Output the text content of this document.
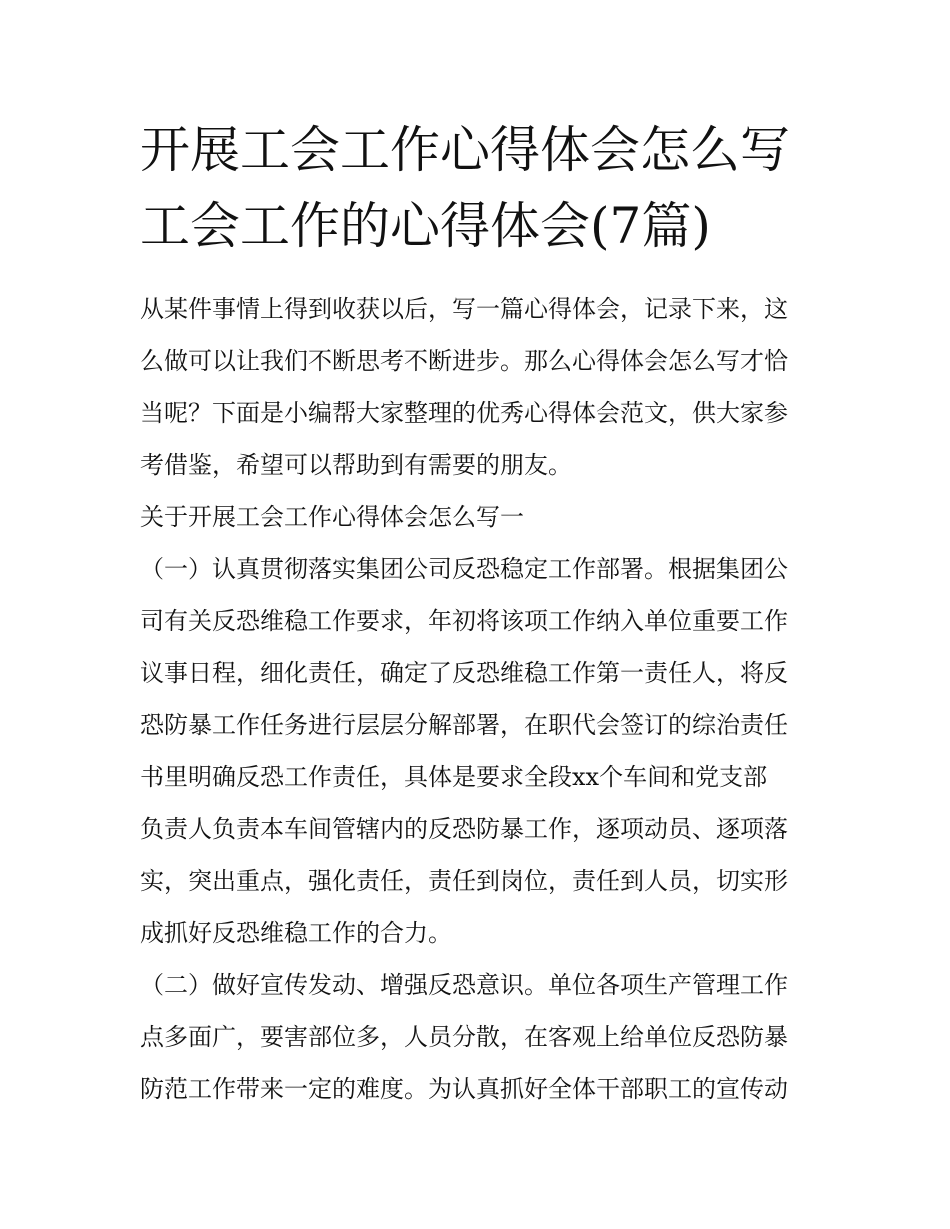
开展工会工作心得体会怎么写
工会工作的心得体会(7篇)
从某件事情上得到收获以后，写一篇心得体会，记录下来，这
么做可以让我们不断思考不断进步。那么心得体会怎么写才恰
当呢？下面是小编帮大家整理的优秀心得体会范文，供大家参
考借鉴，希望可以帮助到有需要的朋友。
关于开展工会工作心得体会怎么写一
（一）认真贯彻落实集团公司反恐稳定工作部署。根据集团公
司有关反恐维稳工作要求，年初将该项工作纳入单位重要工作
议事日程，细化责任，确定了反恐维稳工作第一责任人，将反
恐防暴工作任务进行层层分解部署，在职代会签订的综治责任
书里明确反恐工作责任，具体是要求全段xx个车间和党支部
负责人负责本车间管辖内的反恐防暴工作，逐项动员、逐项落
实，突出重点，强化责任，责任到岗位，责任到人员，切实形
成抓好反恐维稳工作的合力。
（二）做好宣传发动、增强反恐意识。单位各项生产管理工作
点多面广，要害部位多，人员分散，在客观上给单位反恐防暴
防范工作带来一定的难度。为认真抓好全体干部职工的宣传动
